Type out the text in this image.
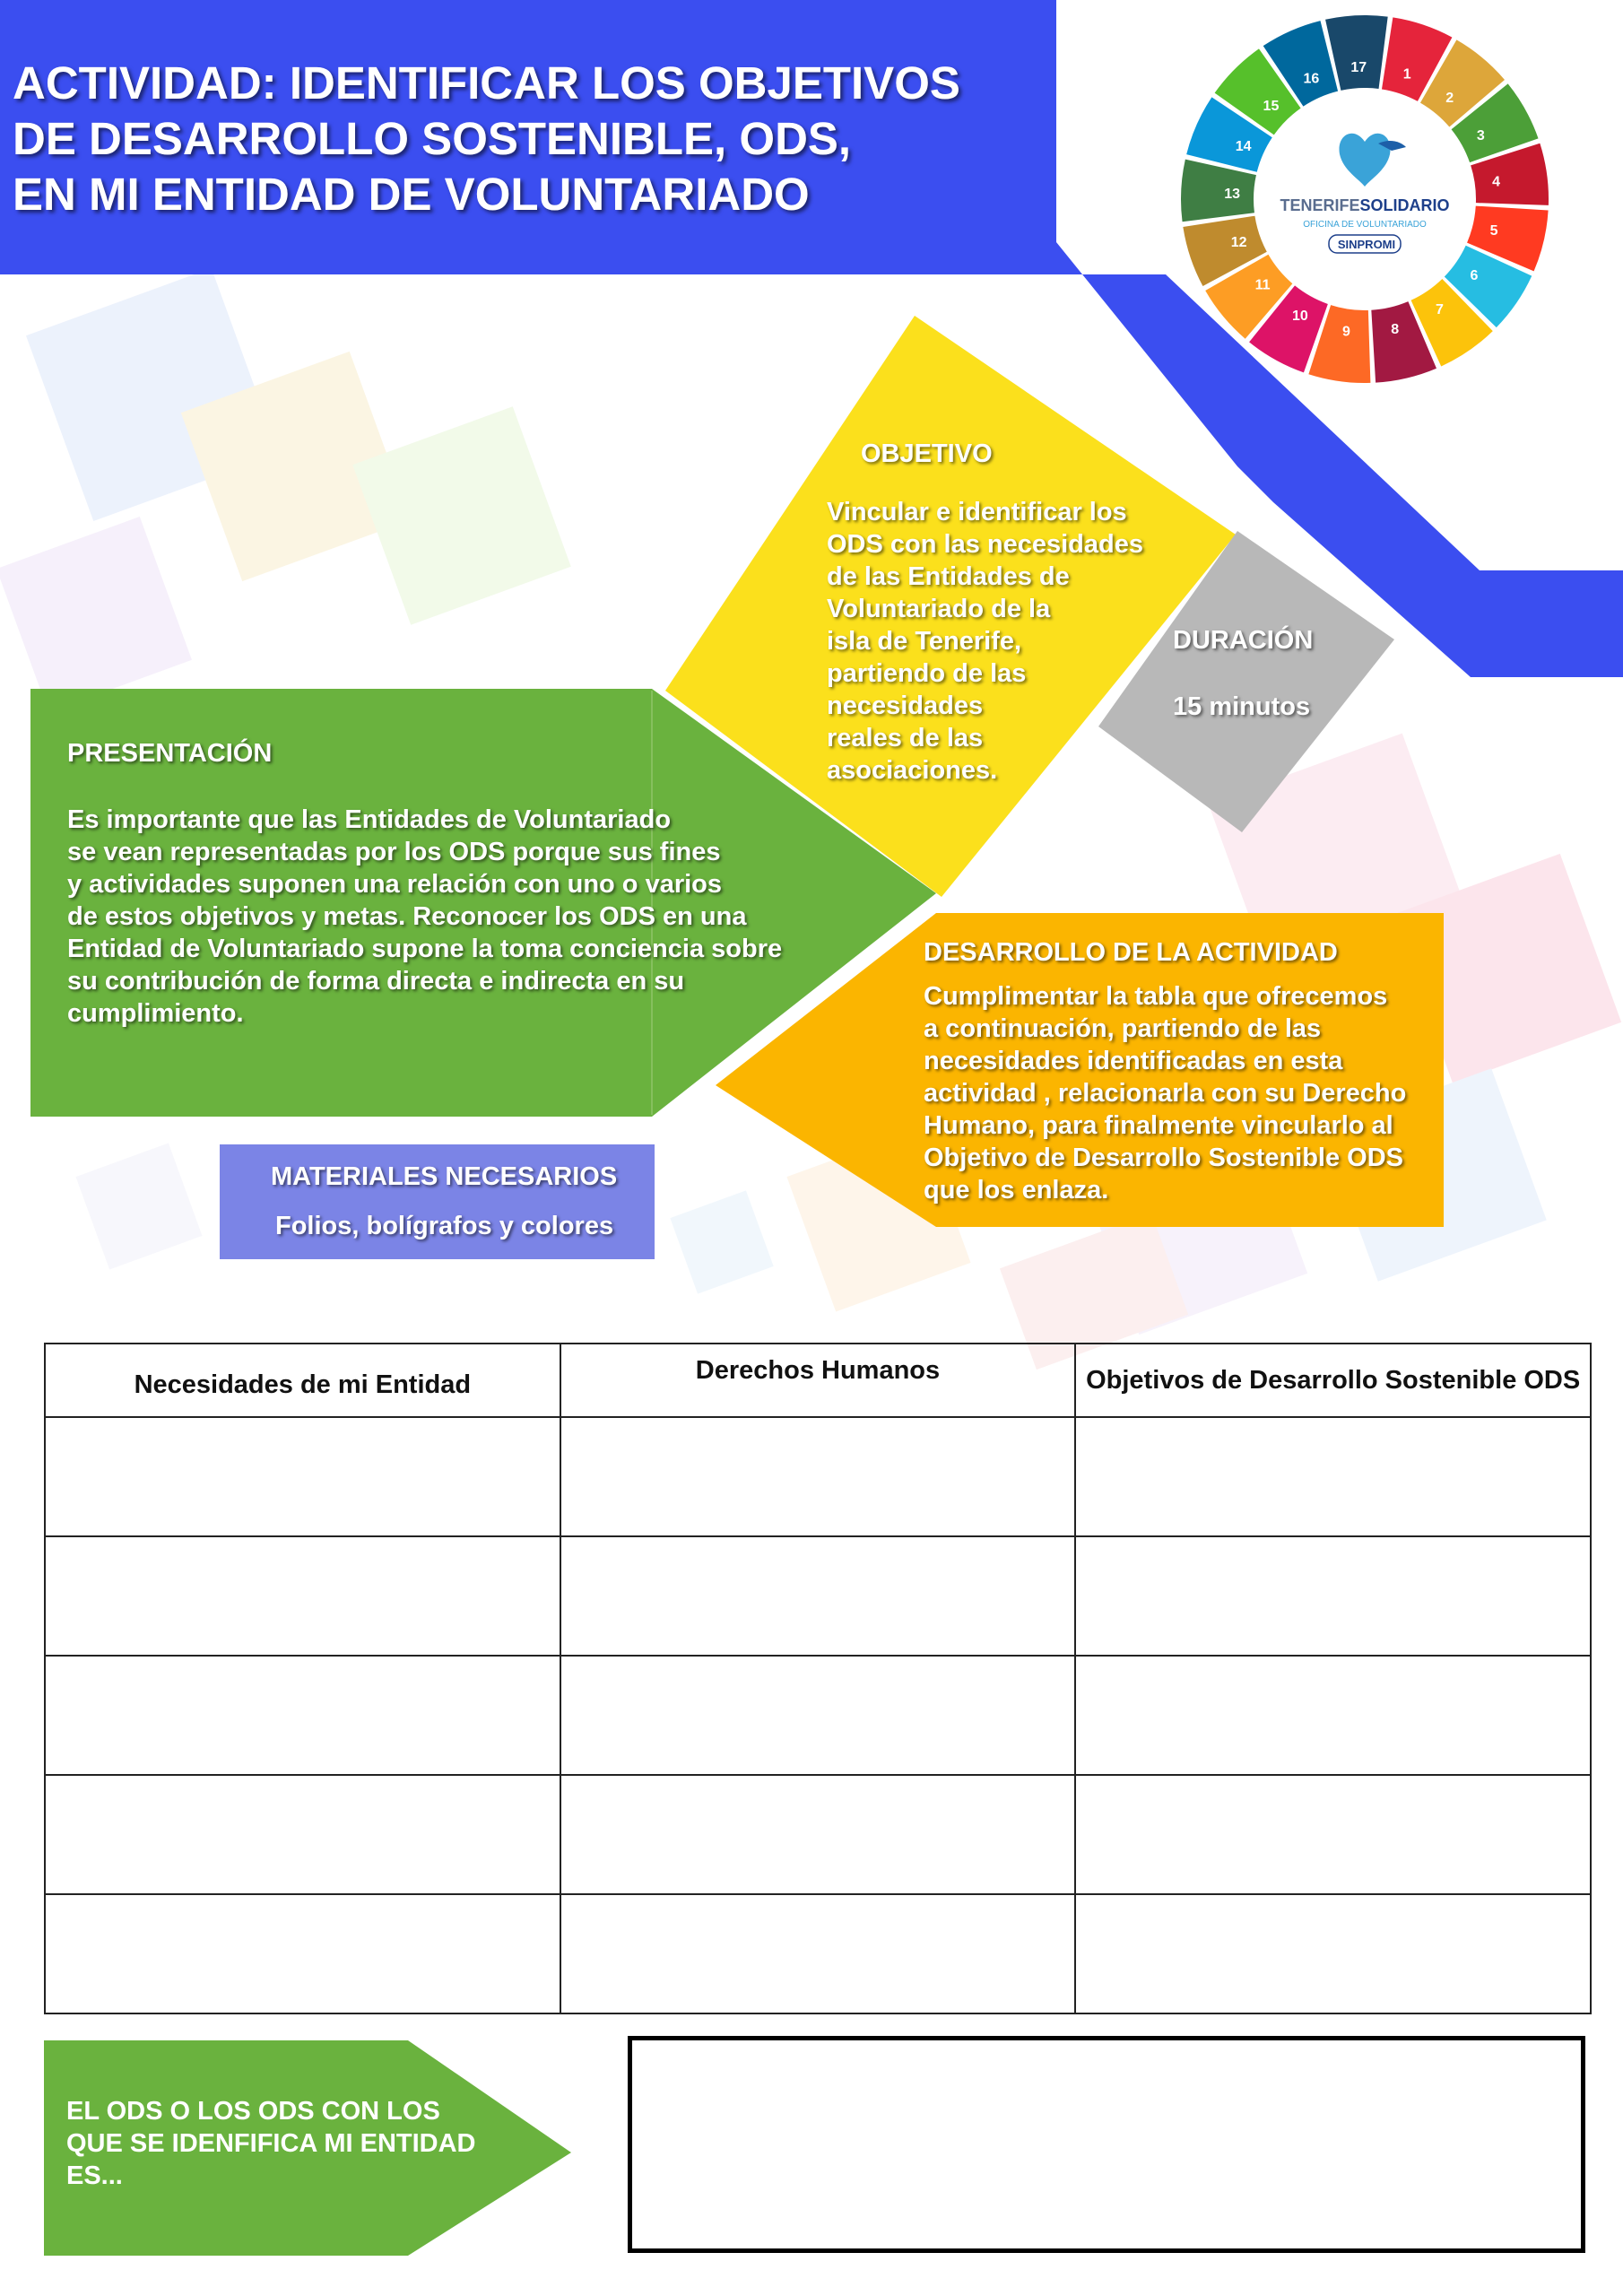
ACTIVIDAD: IDENTIFICAR LOS OBJETIVOS
DE DESARROLLO SOSTENIBLE, ODS,
EN MI ENTIDAD DE VOLUNTARIADO
1
2
3
4
5
6
7
8
9
10
11
12
13
14
15
16
17
TENERIFESOLIDARIO
OFICINA DE VOLUNTARIADO
SINPROMI
OBJETIVO
Vincular e identificar los
ODS con las necesidades
de las Entidades de
Voluntariado de la
isla de Tenerife,
partiendo de las
necesidades
reales de las
asociaciones.
DURACIÓN
15 minutos
PRESENTACIÓN
Es importante que las Entidades de Voluntariado
se vean representadas por los ODS porque sus fines
y actividades suponen una relación con uno o varios
de estos objetivos y metas. Reconocer los ODS en una
Entidad de Voluntariado supone la toma conciencia sobre
su contribución de forma directa e indirecta en su
cumplimiento.
DESARROLLO DE LA ACTIVIDAD
Cumplimentar la tabla que ofrecemos
a continuación, partiendo de las
necesidades identificadas en esta
actividad , relacionarla con su Derecho
Humano, para finalmente vincularlo al
Objetivo de Desarrollo Sostenible ODS
que los enlaza.
MATERIALES NECESARIOS
Folios, bolígrafos y colores
Necesidades de mi Entidad	Derechos Humanos	Objetivos de Desarrollo Sostenible ODS

EL ODS O LOS ODS CON LOS
QUE SE IDENFIFICA MI ENTIDAD
ES...
